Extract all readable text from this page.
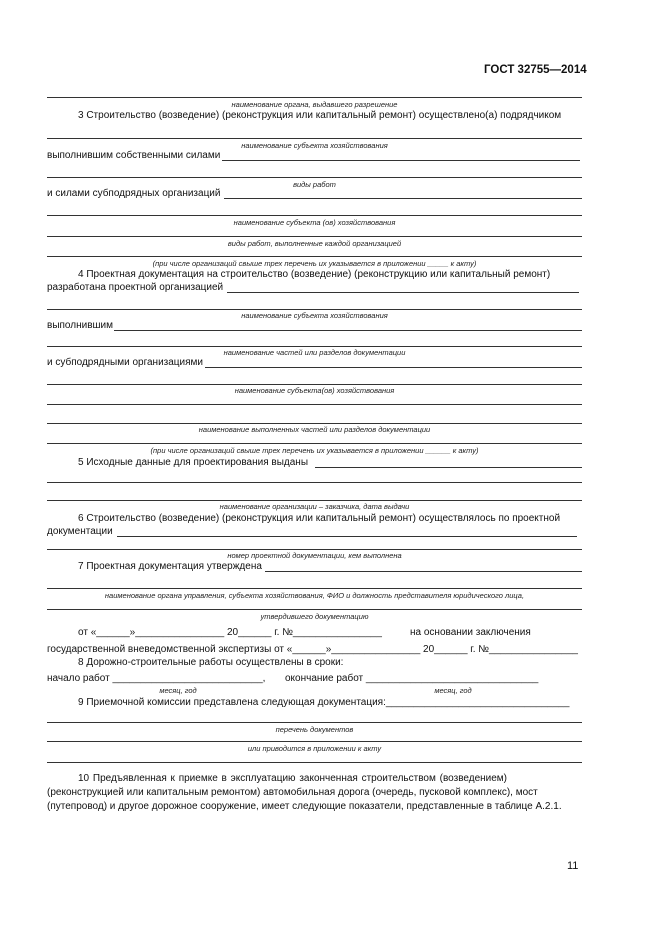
ГОСТ 32755—2014
наименование органа, выдавшего разрешение
3 Строительство (возведение) (реконструкция или капитальный ремонт) осуществлено(а) подрядчиком
наименование субъекта хозяйствования
выполнившим собственными силами
виды работ
и силами субподрядных организаций
наименование субъекта (ов) хозяйствования
виды работ, выполненные каждой организацией
(при числе организаций свыше трех перечень их указывается в приложении _____ к акту)
4 Проектная документация на строительство (возведение) (реконструкцию или капитальный ремонт)
разработана проектной организацией
наименование субъекта хозяйствования
выполнившим
наименование частей или разделов документации
и субподрядными организациями
наименование субъекта(ов) хозяйствования
наименование выполненных частей или разделов документации
(при числе организаций свыше трех перечень их указывается в приложении ______ к акту)
5 Исходные данные для проектирования выданы
наименование организации – заказчика, дата выдачи
6 Строительство (возведение) (реконструкция или капитальный ремонт) осуществлялось по проектной
документации
номер проектной документации, кем выполнена
7 Проектная документация утверждена
наименование органа управления, субъекта хозяйствования, ФИО и должность представителя юридического лица,
утвердившего документацию
от «______»________________ 20______ г. №________________	на основании заключения
государственной вневедомственной экспертизы от «______»________________ 20______ г. №________________
8 Дорожно-строительные работы осуществлены в сроки:
начало работ ___________________________, окончание работ _______________________________
месяц, год	месяц, год
9 Приемочной комиссии представлена следующая документация:_________________________________
перечень документов
или приводится в приложении к акту
10 Предъявленная к приемке в эксплуатацию законченная строительством (возведением)
(реконструкцией или капитальным ремонтом) автомобильная дорога (очередь, пусковой комплекс), мост
(путепровод) и другое дорожное сооружение, имеет следующие показатели, представленные в таблице А.2.1.
11
